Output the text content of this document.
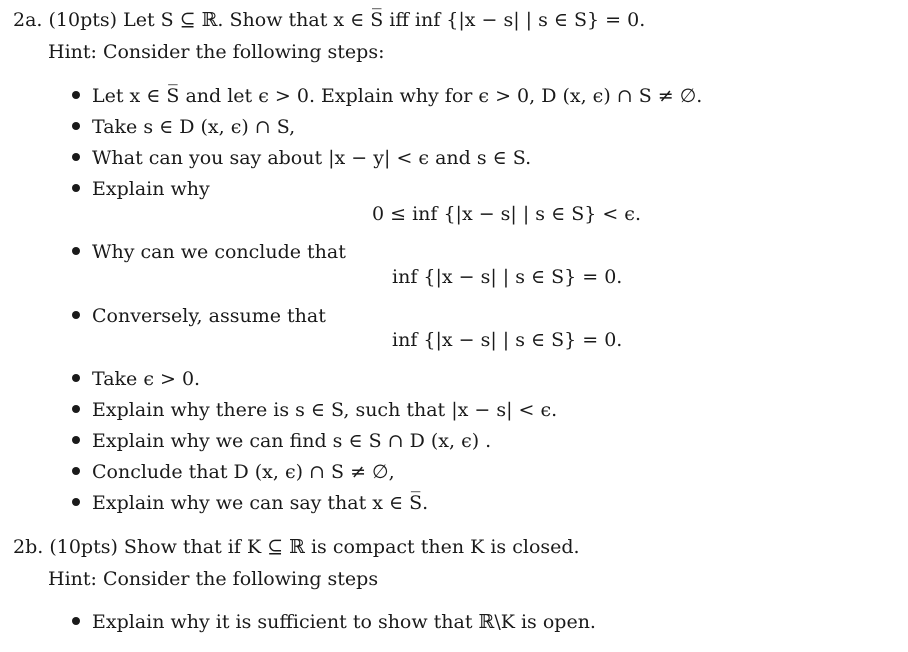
2a. (10pts) Let S ⊆ ℝ. Show that x ∈ S̅ iff inf {|x − s| | s ∈ S} = 0.
Hint: Consider the following steps:
Let x ∈ S̅ and let ϵ > 0. Explain why for ϵ > 0, D (x, ϵ) ∩ S ≠ ∅.
Take s ∈ D (x, ϵ) ∩ S,
What can you say about |x − y| < ϵ and s ∈ S.
Explain why
0 ≤ inf {|x − s| | s ∈ S} < ϵ.
Why can we conclude that
inf {|x − s| | s ∈ S} = 0.
Conversely, assume that
inf {|x − s| | s ∈ S} = 0.
Take ϵ > 0.
Explain why there is s ∈ S, such that |x − s| < ϵ.
Explain why we can find s ∈ S ∩ D (x, ϵ) .
Conclude that D (x, ϵ) ∩ S ≠ ∅,
Explain why we can say that x ∈ S̅.
2b. (10pts) Show that if K ⊆ ℝ is compact then K is closed.
Hint: Consider the following steps
Explain why it is sufficient to show that ℝ\K is open.
